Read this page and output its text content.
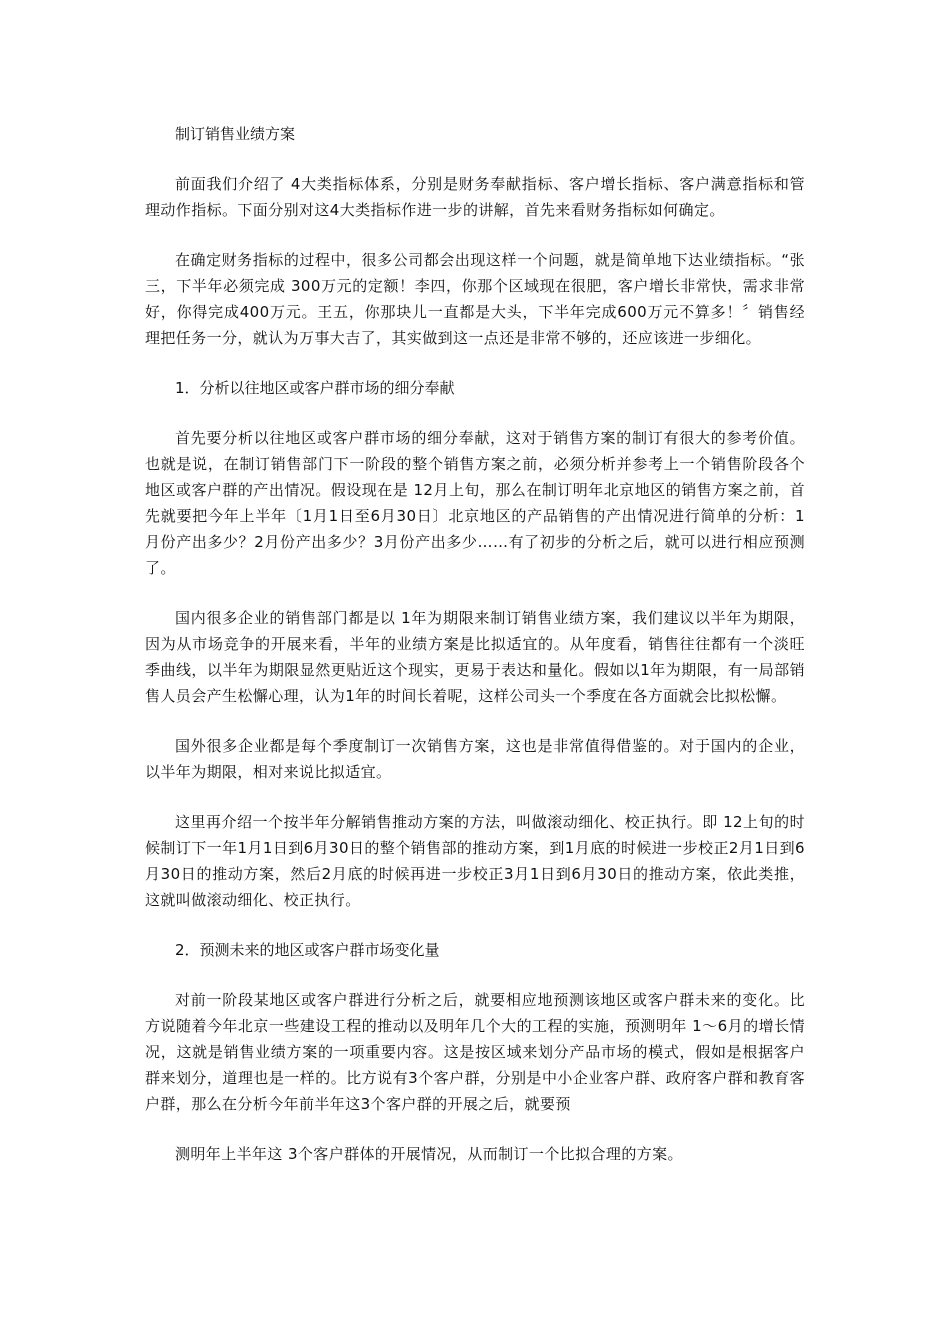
制订销售业绩方案

前面我们介绍了 4大类指标体系，分别是财务奉献指标、客户增长指标、客户满意指标和管理动作指标。下面分别对这4大类指标作进一步的讲解，首先来看财务指标如何确定。

在确定财务指标的过程中，很多公司都会出现这样一个问题，就是简单地下达业绩指标。“张三，下半年必须完成 300万元的定额！李四，你那个区域现在很肥，客户增长非常快，需求非常好，你得完成400万元。王五，你那块儿一直都是大头，下半年完成600万元不算多！〞销售经理把任务一分，就认为万事大吉了，其实做到这一点还是非常不够的，还应该进一步细化。

1．分析以往地区或客户群市场的细分奉献

首先要分析以往地区或客户群市场的细分奉献，这对于销售方案的制订有很大的参考价值。也就是说，在制订销售部门下一阶段的整个销售方案之前，必须分析并参考上一个销售阶段各个地区或客户群的产出情况。假设现在是 12月上旬，那么在制订明年北京地区的销售方案之前，首先就要把今年上半年〔1月1日至6月30日〕北京地区的产品销售的产出情况进行简单的分析：1月份产出多少？2月份产出多少？3月份产出多少……有了初步的分析之后，就可以进行相应预测了。

国内很多企业的销售部门都是以 1年为期限来制订销售业绩方案，我们建议以半年为期限，因为从市场竞争的开展来看，半年的业绩方案是比拟适宜的。从年度看，销售往往都有一个淡旺季曲线，以半年为期限显然更贴近这个现实，更易于表达和量化。假如以1年为期限，有一局部销售人员会产生松懈心理，认为1年的时间长着呢，这样公司头一个季度在各方面就会比拟松懈。

国外很多企业都是每个季度制订一次销售方案，这也是非常值得借鉴的。对于国内的企业，以半年为期限，相对来说比拟适宜。

这里再介绍一个按半年分解销售推动方案的方法，叫做滚动细化、校正执行。即 12上旬的时候制订下一年1月1日到6月30日的整个销售部的推动方案，到1月底的时候进一步校正2月1日到6月30日的推动方案，然后2月底的时候再进一步校正3月1日到6月30日的推动方案，依此类推，这就叫做滚动细化、校正执行。

2．预测未来的地区或客户群市场变化量

对前一阶段某地区或客户群进行分析之后，就要相应地预测该地区或客户群未来的变化。比方说随着今年北京一些建设工程的推动以及明年几个大的工程的实施，预测明年 1～6月的增长情况，这就是销售业绩方案的一项重要内容。这是按区域来划分产品市场的模式，假如是根据客户群来划分，道理也是一样的。比方说有3个客户群，分别是中小企业客户群、政府客户群和教育客户群，那么在分析今年前半年这3个客户群的开展之后，就要预

测明年上半年这 3个客户群体的开展情况，从而制订一个比拟合理的方案。
